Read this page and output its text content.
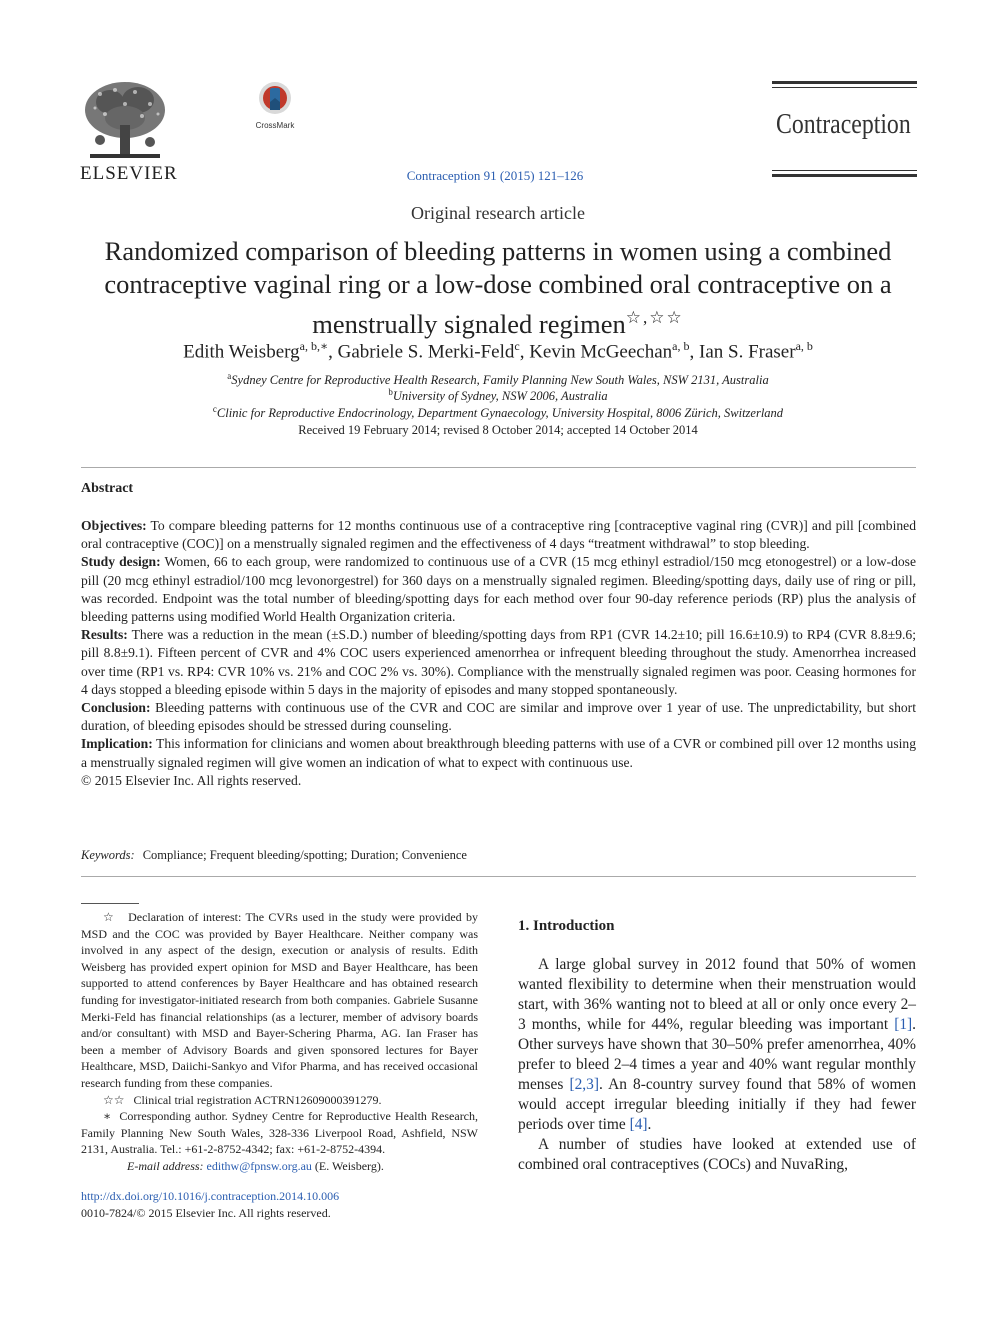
ELSEVIER
CrossMark
Contraception 91 (2015) 121–126
Contraception
Original research article
Randomized comparison of bleeding patterns in women using a combined contraceptive vaginal ring or a low-dose combined oral contraceptive on a menstrually signaled regimen☆,☆☆
Edith Weisberg$^{a, b,∗}$, Gabriele S. Merki-Feld$^c$, Kevin McGeechan$^{a, b}$, Ian S. Fraser$^{a, b}$
$^a$Sydney Centre for Reproductive Health Research, Family Planning New South Wales, NSW 2131, Australia
$^b$University of Sydney, NSW 2006, Australia
$^c$Clinic for Reproductive Endocrinology, Department Gynaecology, University Hospital, 8006 Zürich, Switzerland
Received 19 February 2014; revised 8 October 2014; accepted 14 October 2014
Abstract

Objectives: To compare bleeding patterns for 12 months continuous use of a contraceptive ring [contraceptive vaginal ring (CVR)] and pill [combined oral contraceptive (COC)] on a menstrually signaled regimen and the effectiveness of 4 days “treatment withdrawal” to stop bleeding.

Study design: Women, 66 to each group, were randomized to continuous use of a CVR (15 mcg ethinyl estradiol/150 mcg etonogestrel) or a low-dose pill (20 mcg ethinyl estradiol/100 mcg levonorgestrel) for 360 days on a menstrually signaled regimen. Bleeding/spotting days, daily use of ring or pill, was recorded. Endpoint was the total number of bleeding/spotting days for each method over four 90-day reference periods (RP) plus the analysis of bleeding patterns using modified World Health Organization criteria.

Results: There was a reduction in the mean (±S.D.) number of bleeding/spotting days from RP1 (CVR 14.2±10; pill 16.6±10.9) to RP4 (CVR 8.8±9.6; pill 8.8±9.1). Fifteen percent of CVR and 4% COC users experienced amenorrhea or infrequent bleeding throughout the study. Amenorrhea increased over time (RP1 vs. RP4: CVR 10% vs. 21% and COC 2% vs. 30%). Compliance with the menstrually signaled regimen was poor. Ceasing hormones for 4 days stopped a bleeding episode within 5 days in the majority of episodes and many stopped spontaneously.

Conclusion: Bleeding patterns with continuous use of the CVR and COC are similar and improve over 1 year of use. The unpredictability, but short duration, of bleeding episodes should be stressed during counseling.

Implication: This information for clinicians and women about breakthrough bleeding patterns with use of a CVR or combined pill over 12 months using a menstrually signaled regimen will give women an indication of what to expect with continuous use.

© 2015 Elsevier Inc. All rights reserved.

Keywords: Compliance; Frequent bleeding/spotting; Duration; Convenience

☆ Declaration of interest: The CVRs used in the study were provided by MSD and the COC was provided by Bayer Healthcare. Neither company was involved in any aspect of the design, execution or analysis of results. Edith Weisberg has provided expert opinion for MSD and Bayer Healthcare, has been supported to attend conferences by Bayer Healthcare and has obtained research funding for investigator-initiated research from both companies. Gabriele Susanne Merki-Feld has financial relationships (as a lecturer, member of advisory boards and/or consultant) with MSD and Bayer-Schering Pharma, AG. Ian Fraser has been a member of Advisory Boards and given sponsored lectures for Bayer Healthcare, MSD, Daiichi-Sankyo and Vifor Pharma, and has received occasional research funding from these companies.

☆☆ Clinical trial registration ACTRN12609000391279.

∗ Corresponding author. Sydney Centre for Reproductive Health Research, Family Planning New South Wales, 328-336 Liverpool Road, Ashfield, NSW 2131, Australia. Tel.: +61-2-8752-4342; fax: +61-2-8752-4394.

E-mail address: edithw@fpnsw.org.au (E. Weisberg).

http://dx.doi.org/10.1016/j.contraception.2014.10.006
0010-7824/© 2015 Elsevier Inc. All rights reserved.
1. Introduction

A large global survey in 2012 found that 50% of women wanted flexibility to determine when their menstruation would start, with 36% wanting not to bleed at all or only once every 2–3 months, while for 44%, regular bleeding was important [1]. Other surveys have shown that 30–50% prefer amenorrhea, 40% prefer to bleed 2–4 times a year and 40% want regular monthly menses [2,3]. An 8-country survey found that 58% of women would accept irregular bleeding initially if they had fewer periods over time [4].

A number of studies have looked at extended use of combined oral contraceptives (COCs) and NuvaRing,
